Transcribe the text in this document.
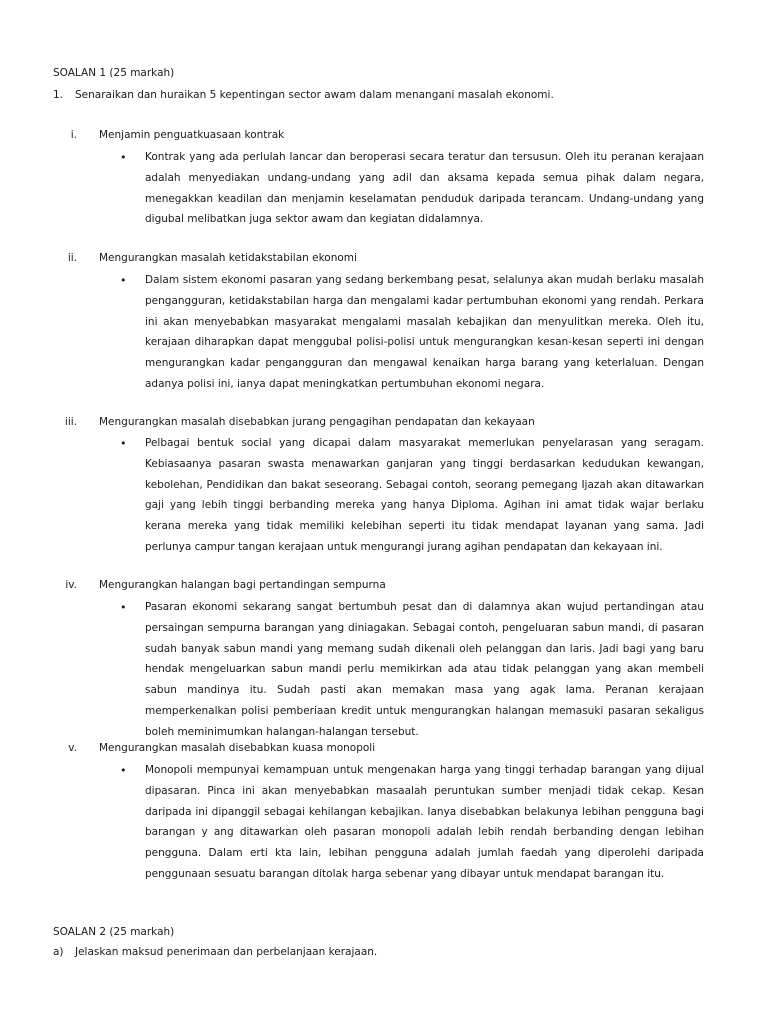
SOALAN 1 (25 markah)
1. Senaraikan dan huraikan 5 kepentingan sector awam dalam menangani masalah ekonomi.
i. Menjamin penguatkuasaan kontrak
• Kontrak yang ada perlulah lancar dan beroperasi secara teratur dan tersusun. Oleh itu peranan kerajaan adalah menyediakan undang-undang yang adil dan aksama kepada semua pihak dalam negara, menegakkan keadilan dan menjamin keselamatan penduduk daripada terancam. Undang-undang yang digubal melibatkan juga sektor awam dan kegiatan didalamnya.

ii. Mengurangkan masalah ketidakstabilan ekonomi
• Dalam sistem ekonomi pasaran yang sedang berkembang pesat, selalunya akan mudah berlaku masalah pengangguran, ketidakstabilan harga dan mengalami kadar pertumbuhan ekonomi yang rendah. Perkara ini akan menyebabkan masyarakat mengalami masalah kebajikan dan menyulitkan mereka. Oleh itu, kerajaan diharapkan dapat menggubal polisi-polisi untuk mengurangkan kesan-kesan seperti ini dengan mengurangkan kadar pengangguran dan mengawal kenaikan harga barang yang keterlaluan. Dengan adanya polisi ini, ianya dapat meningkatkan pertumbuhan ekonomi negara.

iii. Mengurangkan masalah disebabkan jurang pengagihan pendapatan dan kekayaan
• Pelbagai bentuk social yang dicapai dalam masyarakat memerlukan penyelarasan yang seragam. Kebiasaanya pasaran swasta menawarkan ganjaran yang tinggi berdasarkan kedudukan kewangan, kebolehan, Pendidikan dan bakat seseorang. Sebagai contoh, seorang pemegang Ijazah akan ditawarkan gaji yang lebih tinggi berbanding mereka yang hanya Diploma. Agihan ini amat tidak wajar berlaku kerana mereka yang tidak memiliki kelebihan seperti itu tidak mendapat layanan yang sama. Jadi perlunya campur tangan kerajaan untuk mengurangi jurang agihan pendapatan dan kekayaan ini.

iv. Mengurangkan halangan bagi pertandingan sempurna
• Pasaran ekonomi sekarang sangat bertumbuh pesat dan di dalamnya akan wujud pertandingan atau persaingan sempurna barangan yang diniagakan. Sebagai contoh, pengeluaran sabun mandi, di pasaran sudah banyak sabun mandi yang memang sudah dikenali oleh pelanggan dan laris. Jadi bagi yang baru hendak mengeluarkan sabun mandi perlu memikirkan ada atau tidak pelanggan yang akan membeli sabun mandinya itu. Sudah pasti akan memakan masa yang agak lama. Peranan kerajaan memperkenalkan polisi pemberiaan kredit untuk mengurangkan halangan memasuki pasaran sekaligus boleh meminimumkan halangan-halangan tersebut.

v. Mengurangkan masalah disebabkan kuasa monopoli
• Monopoli mempunyai kemampuan untuk mengenakan harga yang tinggi terhadap barangan yang dijual dipasaran. Pinca ini akan menyebabkan masaalah peruntukan sumber menjadi tidak cekap. Kesan daripada ini dipanggil sebagai kehilangan kebajikan. Ianya disebabkan belakunya lebihan pengguna bagi barangan y ang ditawarkan oleh pasaran monopoli adalah lebih rendah berbanding dengan lebihan pengguna. Dalam erti kta lain, lebihan pengguna adalah jumlah faedah yang diperolehi daripada penggunaan sesuatu barangan ditolak harga sebenar yang dibayar untuk mendapat barangan itu.

SOALAN 2 (25 markah)
a) Jelaskan maksud penerimaan dan perbelanjaan kerajaan.
